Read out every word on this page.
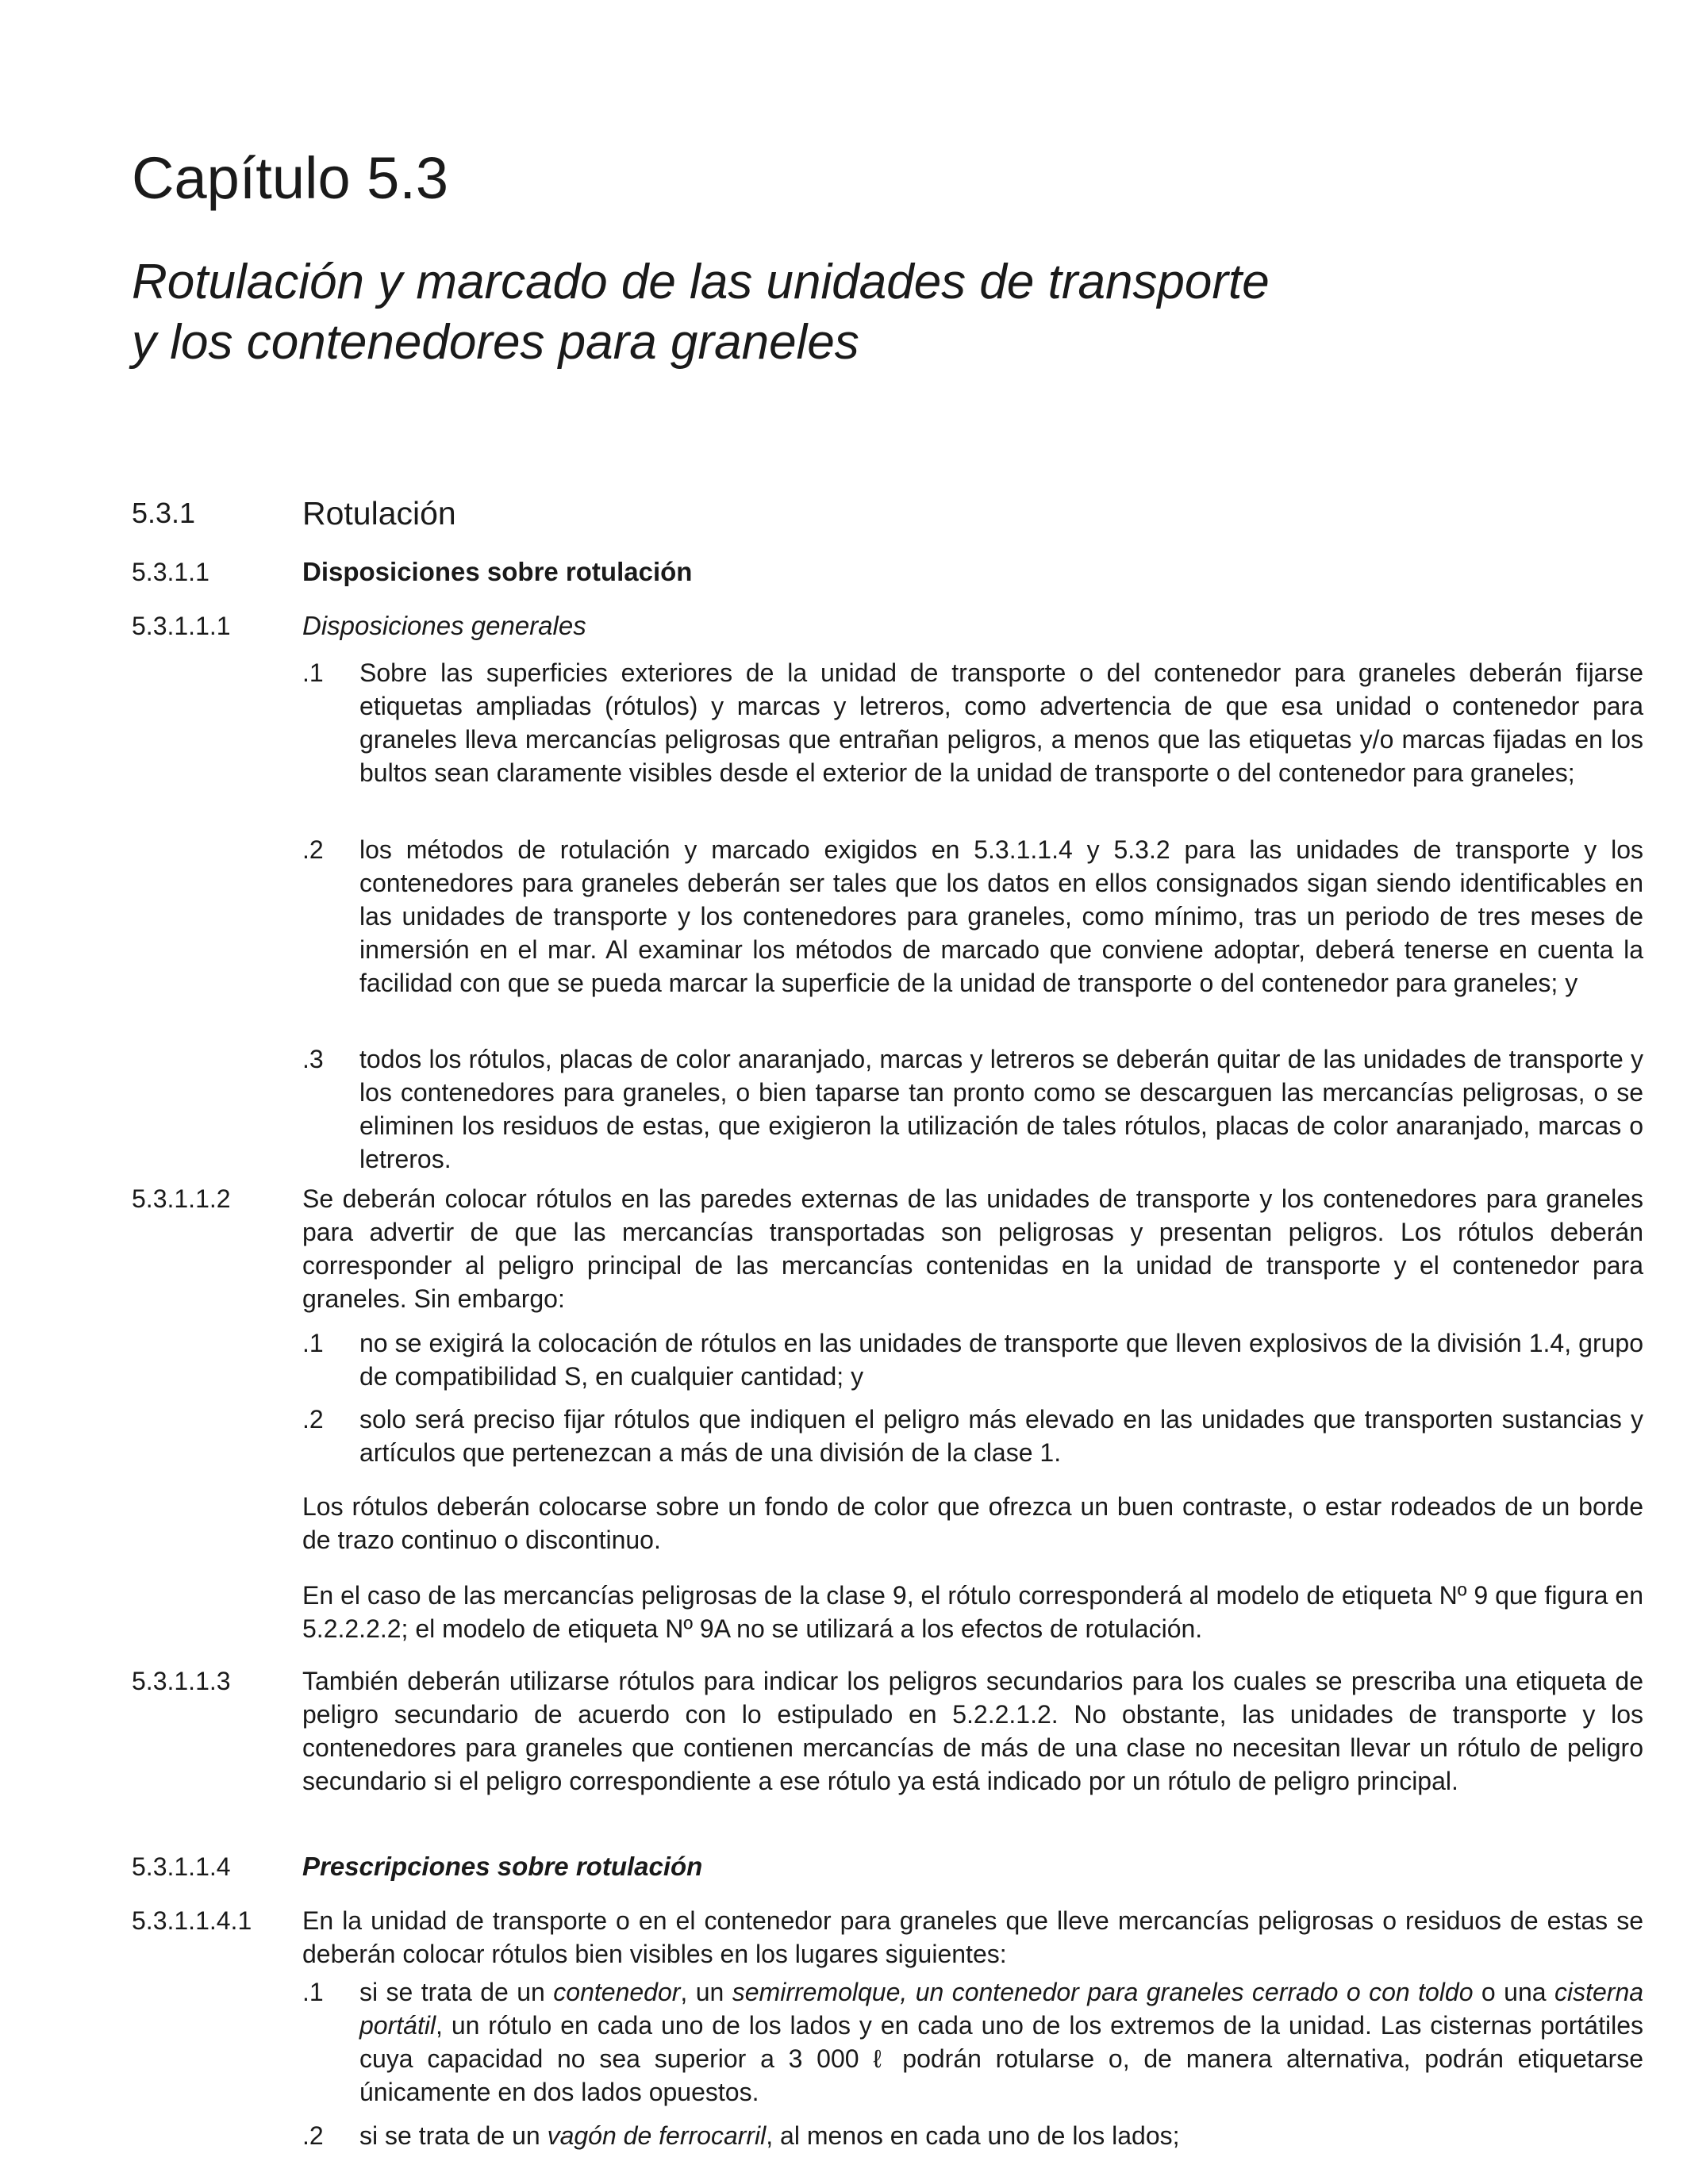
Capítulo 5.3
Rotulación y marcado de las unidades de transporte
y los contenedores para graneles
5.3.1	Rotulación
5.3.1.1	Disposiciones sobre rotulación
5.3.1.1.1	Disposiciones generales
.1 Sobre las superficies exteriores de la unidad de transporte o del contenedor para graneles deberán fijarse etiquetas ampliadas (rótulos) y marcas y letreros, como advertencia de que esa unidad o contenedor para graneles lleva mercancías peligrosas que entrañan peligros, a menos que las etiquetas y/o marcas fijadas en los bultos sean claramente visibles desde el exterior de la unidad de transporte o del contenedor para graneles;
.2 los métodos de rotulación y marcado exigidos en 5.3.1.1.4 y 5.3.2 para las unidades de transporte y los contenedores para graneles deberán ser tales que los datos en ellos consignados sigan siendo identificables en las unidades de transporte y los contenedores para graneles, como mínimo, tras un periodo de tres meses de inmersión en el mar. Al examinar los métodos de marcado que conviene adoptar, deberá tenerse en cuenta la facilidad con que se pueda marcar la superficie de la unidad de transporte o del contenedor para graneles; y
.3 todos los rótulos, placas de color anaranjado, marcas y letreros se deberán quitar de las unidades de transporte y los contenedores para graneles, o bien taparse tan pronto como se descarguen las mercancías peligrosas, o se eliminen los residuos de estas, que exigieron la utilización de tales rótulos, placas de color anaranjado, marcas o letreros.
5.3.1.1.2	Se deberán colocar rótulos en las paredes externas de las unidades de transporte y los contenedores para graneles para advertir de que las mercancías transportadas son peligrosas y presentan peligros. Los rótulos deberán corresponder al peligro principal de las mercancías contenidas en la unidad de transporte y el contenedor para graneles. Sin embargo:
.1 no se exigirá la colocación de rótulos en las unidades de transporte que lleven explosivos de la división 1.4, grupo de compatibilidad S, en cualquier cantidad; y
.2 solo será preciso fijar rótulos que indiquen el peligro más elevado en las unidades que transporten sustancias y artículos que pertenezcan a más de una división de la clase 1.
Los rótulos deberán colocarse sobre un fondo de color que ofrezca un buen contraste, o estar rodeados de un borde de trazo continuo o discontinuo.
En el caso de las mercancías peligrosas de la clase 9, el rótulo corresponderá al modelo de etiqueta Nº 9 que figura en 5.2.2.2.2; el modelo de etiqueta Nº 9A no se utilizará a los efectos de rotulación.
5.3.1.1.3	También deberán utilizarse rótulos para indicar los peligros secundarios para los cuales se prescriba una etiqueta de peligro secundario de acuerdo con lo estipulado en 5.2.2.1.2. No obstante, las unidades de transporte y los contenedores para graneles que contienen mercancías de más de una clase no necesitan llevar un rótulo de peligro secundario si el peligro correspondiente a ese rótulo ya está indicado por un rótulo de peligro principal.
5.3.1.1.4	Prescripciones sobre rotulación
5.3.1.1.4.1 En la unidad de transporte o en el contenedor para graneles que lleve mercancías peligrosas o residuos de estas se deberán colocar rótulos bien visibles en los lugares siguientes:
.1 si se trata de un contenedor, un semirremolque, un contenedor para graneles cerrado o con toldo o una cisterna portátil, un rótulo en cada uno de los lados y en cada uno de los extremos de la unidad. Las cisternas portátiles cuya capacidad no sea superior a 3 000 ℓ podrán rotularse o, de manera alternativa, podrán etiquetarse únicamente en dos lados opuestos.
.2 si se trata de un vagón de ferrocarril, al menos en cada uno de los lados;
